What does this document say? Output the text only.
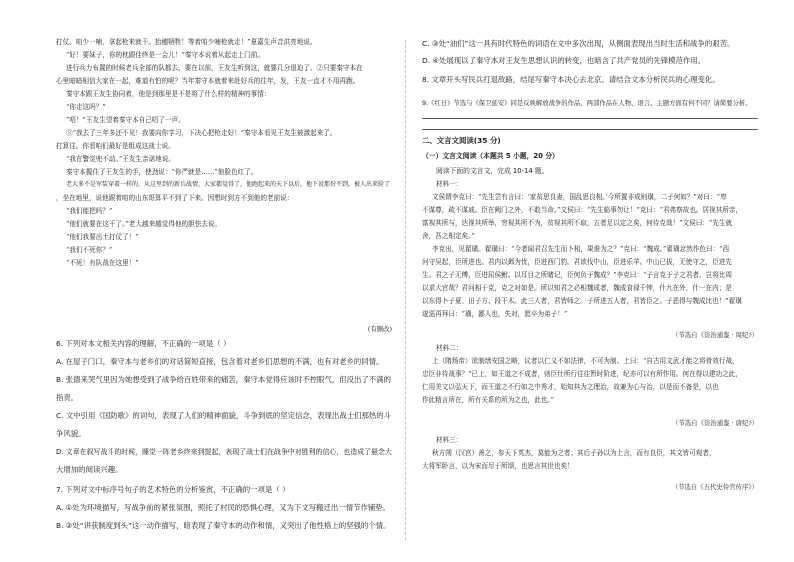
打仗。咱少一哺，拿起枪来就干。抬穗牺牲！等着咱少哺枪就走！”夏嘉生声音洪亮地说。
“好！要妹子，你的枕跟佳终是一会儿！”秦守本说着从起走上门前。
进行兵力布置的时候老兵全部的队都去，要在以前，王友生听到这，就要几分退迫了。②只要秦守本在
心里暗暗相信大家在一起，难道有怕的呢？当年秦守本就着来赴好兵的往年，发，王友一直才不用再跑。
秦守本跟王友生协同着，他是到那里是不是将了什么样的精神的事情：
“你走这吗？”
“唔！”王友生望着秦守本自己唔了一声。
③“我去了三年多还不见！我要向你学习，下决心把枪走好！”秦守本看见王友生被激起来了。
打算往。你看咱们最好是组成这战士说。
“我在警觉兜不动。”王友生亲诺地说。
秦守本握住了王友生的手，使劲说：“你严就是……”他脸色红了。
老大多不是军装穿着一样的，从这里到的新兵战情，大家都觉得了，他跑起来的天下以后，他下说那份不到，被人出来脸了
，坐在地里，说他跟着咱的山东哥算平不到了下来。因想时到方不到他的老前说：
“我们能把吗？”
“他们就要在这干了。”老大越来越觉得他的胆怯去说。
“他们我要出土打仗了！”
“我们不死你？”
“不死！有队战在这里！”
(有删改)
6. 下列对本文相关内容的理解，不正确的一项是（ ）
A. 在屋子门口，秦守本与老乡们的对话简短直接，包含着对老乡们思想的不满，也有对老乡的同情。
B. 张德来哭气里因为她想受到了战争给百姓带来的痛苦，秦守本觉得应该时不控眼气，但没出了不满的
指责。
C. 文中引用《国防歌》的词句，表现了人们的精神面貌，斗争到底的坚定信念，表现出战士们那热的斗
争风貌。
D. 文章在叙写战斗的时候，睡觉一阵老乡终来到提起，表现了战士们在战争中对胜利的信心，也造成了悬念大
大增加的阅读兴趣。
7. 下列对文中标序号句子的艺术特色的分析鉴赏，不正确的一项是（ ）
A. ①处为环境描写，写战争前的紧张氛围，照托了村民的恐惧心理，又为下文写搬迁出一情节作铺垫。
B. ②处“讲获制度到头”这一动作描写，暗表现了秦守本的动作和情，又突出了他性格上的坚强的个情。
C. ③处“油们”这一具有时代特色的词语在文中多次出现，从侧面表现出当时生活和战争的艰苦。
D. ④处展现以了秦守本对王友生思想认识的转变，也暗含了共产党员的先锋模范作用。
8. 文章开头写民兵打退敌路，结尾写秦守本决心去北京。请结合文本分析民兵的心理变化。
9.《红日》节选与《保卫延安》同是反映解放战争的作品，两部作品在人物、语言、主题方面有何不同？请简要分析。
二、文言文阅读(35 分)
（一）文言文阅读（本题共 5 小题，20 分）
阅读下面的文言文，完成 10-14 题。
材料一：
文侯谓李克曰：“先生尝有言曰：‘家贫思良妻，国乱思良相。’今所置非成则璜，二子何如？”对曰：“卑
不谋尊，疏不谋戚。臣在阙门之外，不敢当命。”文侯曰：“先生临事勿让！”克曰：“君弗察故也。居视其所亲，
富视其所与，达视其所举，穷视其所不为，贫视其所不取，五者足以定之矣，何待克哉！”文侯曰：“先生就
舍，吾之相定矣。”
李克出，见翟璜。翟璜曰：“今者闻君召先生而卜相，果谁为之？”克曰：“魏成。”翟璜忿然作色曰：“西
河守吴起，臣所进也。君内以邺为忧，臣进西门豹。君欲伐中山，臣进乐羊。中山已拔，无使守之，臣进先
生。君之子无傅，臣进屈侯鲋。以耳目之所睹记，臣何负于魏成？”李克曰：“子言克于子之君者，岂将比周
以求大官哉？君问相于克，克之对如是。所以知君之必相魏成者，魏成食禄千钟，什九在外，什一在内；是
以东得卜子夏、田子方、段干木。此三人者，君皆师之。子所进五人者，君皆臣之。子恶得与魏成比也！”翟璜
逡巡再拜曰：“璜，鄙人也，失对，愿卒为弟子！”
（节选自《资治通鉴 · 周纪》）
材料二：
上（隋炀帝）欲制缮安国之略，议者以仁义不如法律，不可为制。上曰：“自古用文武才能之将骨效行战，
忠臣非待战事？”已上，如王道之不成者，则臣仕所行往往暂时阶进，纪亦可以有所作用。何在得以建功之此，
仁用美文以弘天下，而王道之不行如之中秀才，始知其为之理治，故兼为心与治，以是而不备是，以也
作此精言所在，所有关系的所为之也，此也。”
（节选自《资治通鉴 · 唐纪》）
材料三：
秋方朔（汉宫）善之，参天下英杰，莫能为之者；其后子孙以为上言，而有良臣，其文皆可观者，
大将军卧言，以为宋而尽于所颂，也思言其世也矣！
（节选自《五代史伶官传序》）
